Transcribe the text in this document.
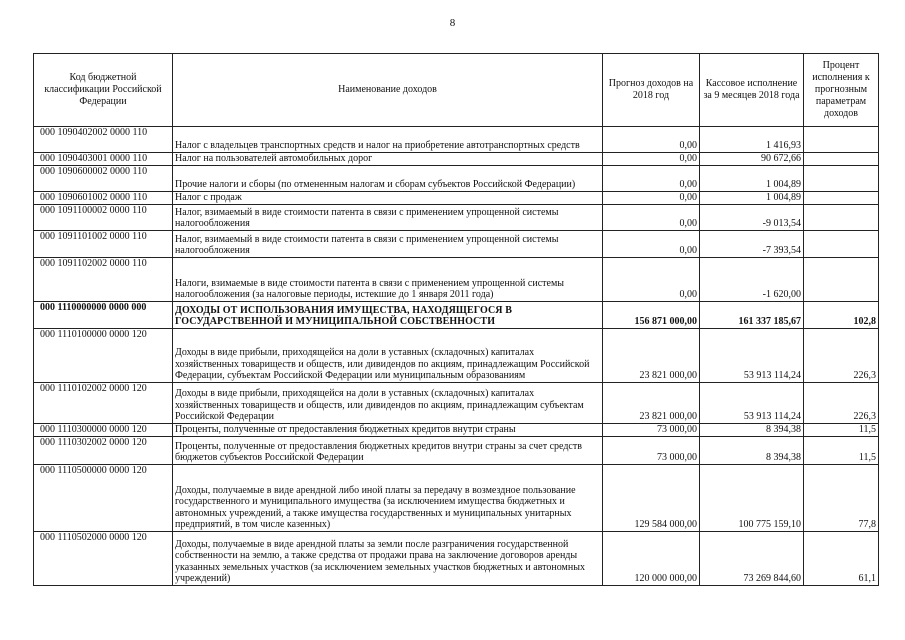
8
Код бюджетной классификации Российской Федерации	Наименование доходов	Прогноз доходов на 2018 год	Кассовое исполнение за 9 месяцев 2018 года	Процент исполнения к прогнозным параметрам доходов
000 1090402002 0000 110	Налог с владельцев транспортных средств и налог на приобретение автотранспортных средств	0,00	1 416,93	
000 1090403001 0000 110	Налог на пользователей автомобильных дорог	0,00	90 672,66	
000 1090600002 0000 110	Прочие налоги и сборы (по отмененным налогам и сборам субъектов Российской Федерации)	0,00	1 004,89	
000 1090601002 0000 110	Налог с продаж	0,00	1 004,89	
000 1091100002 0000 110	Налог, взимаемый в виде стоимости патента в связи с применением упрощенной системы налогообложения	0,00	-9 013,54	
000 1091101002 0000 110	Налог, взимаемый в виде стоимости патента в связи с применением упрощенной системы налогообложения	0,00	-7 393,54	
000 1091102002 0000 110	Налоги, взимаемые в виде стоимости патента в связи с применением упрощенной системы налогообложения (за налоговые периоды, истекшие до 1 января 2011 года)	0,00	-1 620,00	
000 1110000000 0000 000	ДОХОДЫ ОТ ИСПОЛЬЗОВАНИЯ ИМУЩЕСТВА, НАХОДЯЩЕГОСЯ В ГОСУДАРСТВЕННОЙ И МУНИЦИПАЛЬНОЙ СОБСТВЕННОСТИ	156 871 000,00	161 337 185,67	102,8
000 1110100000 0000 120	Доходы в виде прибыли, приходящейся на доли в уставных (складочных) капиталах хозяйственных товариществ и обществ, или дивидендов по акциям, принадлежащим Российской Федерации, субъектам Российской Федерации или муниципальным образованиям	23 821 000,00	53 913 114,24	226,3
000 1110102002 0000 120	Доходы в виде прибыли, приходящейся на доли в уставных (складочных) капиталах хозяйственных товариществ и обществ, или дивидендов по акциям, принадлежащим субъектам Российской Федерации	23 821 000,00	53 913 114,24	226,3
000 1110300000 0000 120	Проценты, полученные от предоставления бюджетных кредитов внутри страны	73 000,00	8 394,38	11,5
000 1110302002 0000 120	Проценты, полученные от предоставления бюджетных кредитов внутри страны за счет средств бюджетов субъектов Российской Федерации	73 000,00	8 394,38	11,5
000 1110500000 0000 120	Доходы, получаемые в виде арендной либо иной платы за передачу в возмездное пользование государственного и муниципального имущества (за исключением имущества бюджетных и автономных учреждений, а также имущества государственных и муниципальных унитарных предприятий, в том числе казенных)	129 584 000,00	100 775 159,10	77,8
000 1110502000 0000 120	Доходы, получаемые в виде арендной платы за земли после разграничения государственной собственности на землю, а также средства от продажи права на заключение договоров аренды указанных земельных участков (за исключением земельных участков бюджетных и автономных учреждений)	120 000 000,00	73 269 844,60	61,1
